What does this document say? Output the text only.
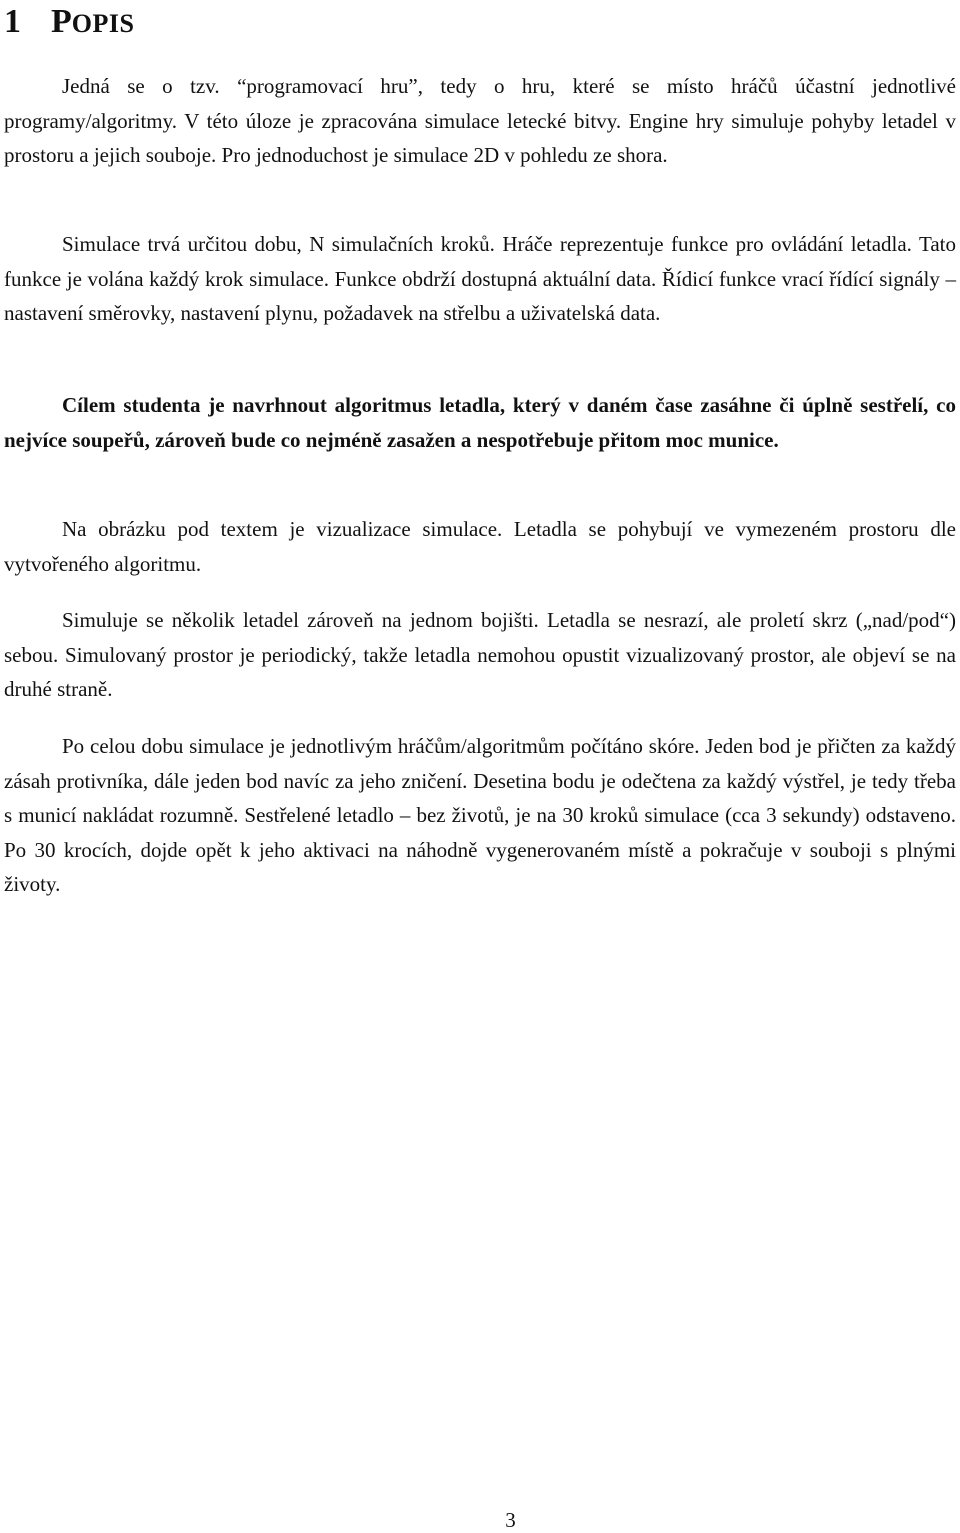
1 POPIS

Jedná se o tzv. “programovací hru”, tedy o hru, které se místo hráčů účastní jednotlivé programy/algoritmy. V této úloze je zpracována simulace letecké bitvy. Engine hry simuluje pohyby letadel v prostoru a jejich souboje. Pro jednoduchost je simulace 2D v pohledu ze shora.

Simulace trvá určitou dobu, N simulačních kroků. Hráče reprezentuje funkce pro ovládání letadla. Tato funkce je volána každý krok simulace. Funkce obdrží dostupná aktuální data. Řídicí funkce vrací řídící signály – nastavení směrovky, nastavení plynu, požadavek na střelbu a uživatelská data.

Cílem studenta je navrhnout algoritmus letadla, který v daném čase zasáhne či úplně sestřelí, co nejvíce soupeřů, zároveň bude co nejméně zasažen a nespotřebuje přitom moc munice.

Na obrázku pod textem je vizualizace simulace. Letadla se pohybují ve vymezeném prostoru dle vytvořeného algoritmu.

Simuluje se několik letadel zároveň na jednom bojišti. Letadla se nesrazí, ale proletí skrz („nad/pod“) sebou. Simulovaný prostor je periodický, takže letadla nemohou opustit vizualizovaný prostor, ale objeví se na druhé straně.

Po celou dobu simulace je jednotlivým hráčům/algoritmům počítáno skóre. Jeden bod je přičten za každý zásah protivníka, dále jeden bod navíc za jeho zničení. Desetina bodu je odečtena za každý výstřel, je tedy třeba s municí nakládat rozumně. Sestřelené letadlo – bez životů, je na 30 kroků simulace (cca 3 sekundy) odstaveno. Po 30 krocích, dojde opět k jeho aktivaci na náhodně vygenerovaném místě a pokračuje v souboji s plnými životy.

3
